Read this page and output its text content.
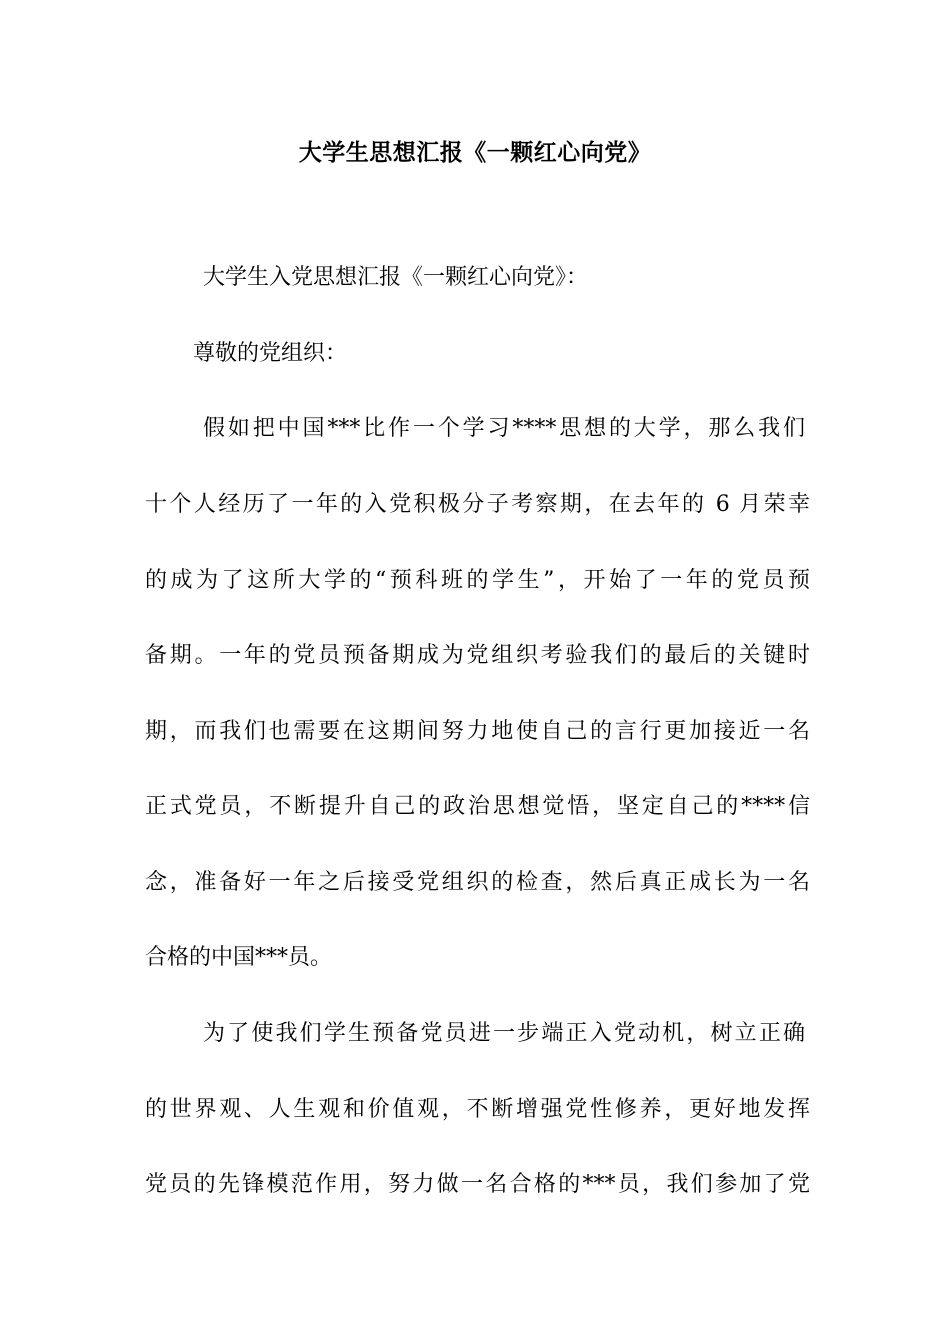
大学生思想汇报《一颗红心向党》
大学生入党思想汇报《一颗红心向党》：
尊敬的党组织：
假如把中国***比作一个学习****思想的大学，那么我们
十个人经历了一年的入党积极分子考察期，在去年的 6 月荣幸
的成为了这所大学的“预科班的学生”，开始了一年的党员预
备期。一年的党员预备期成为党组织考验我们的最后的关键时
期，而我们也需要在这期间努力地使自己的言行更加接近一名
正式党员，不断提升自己的政治思想觉悟，坚定自己的****信
念，准备好一年之后接受党组织的检查，然后真正成长为一名
合格的中国***员。
为了使我们学生预备党员进一步端正入党动机，树立正确
的世界观、人生观和价值观，不断增强党性修养，更好地发挥
党员的先锋模范作用，努力做一名合格的***员，我们参加了党
